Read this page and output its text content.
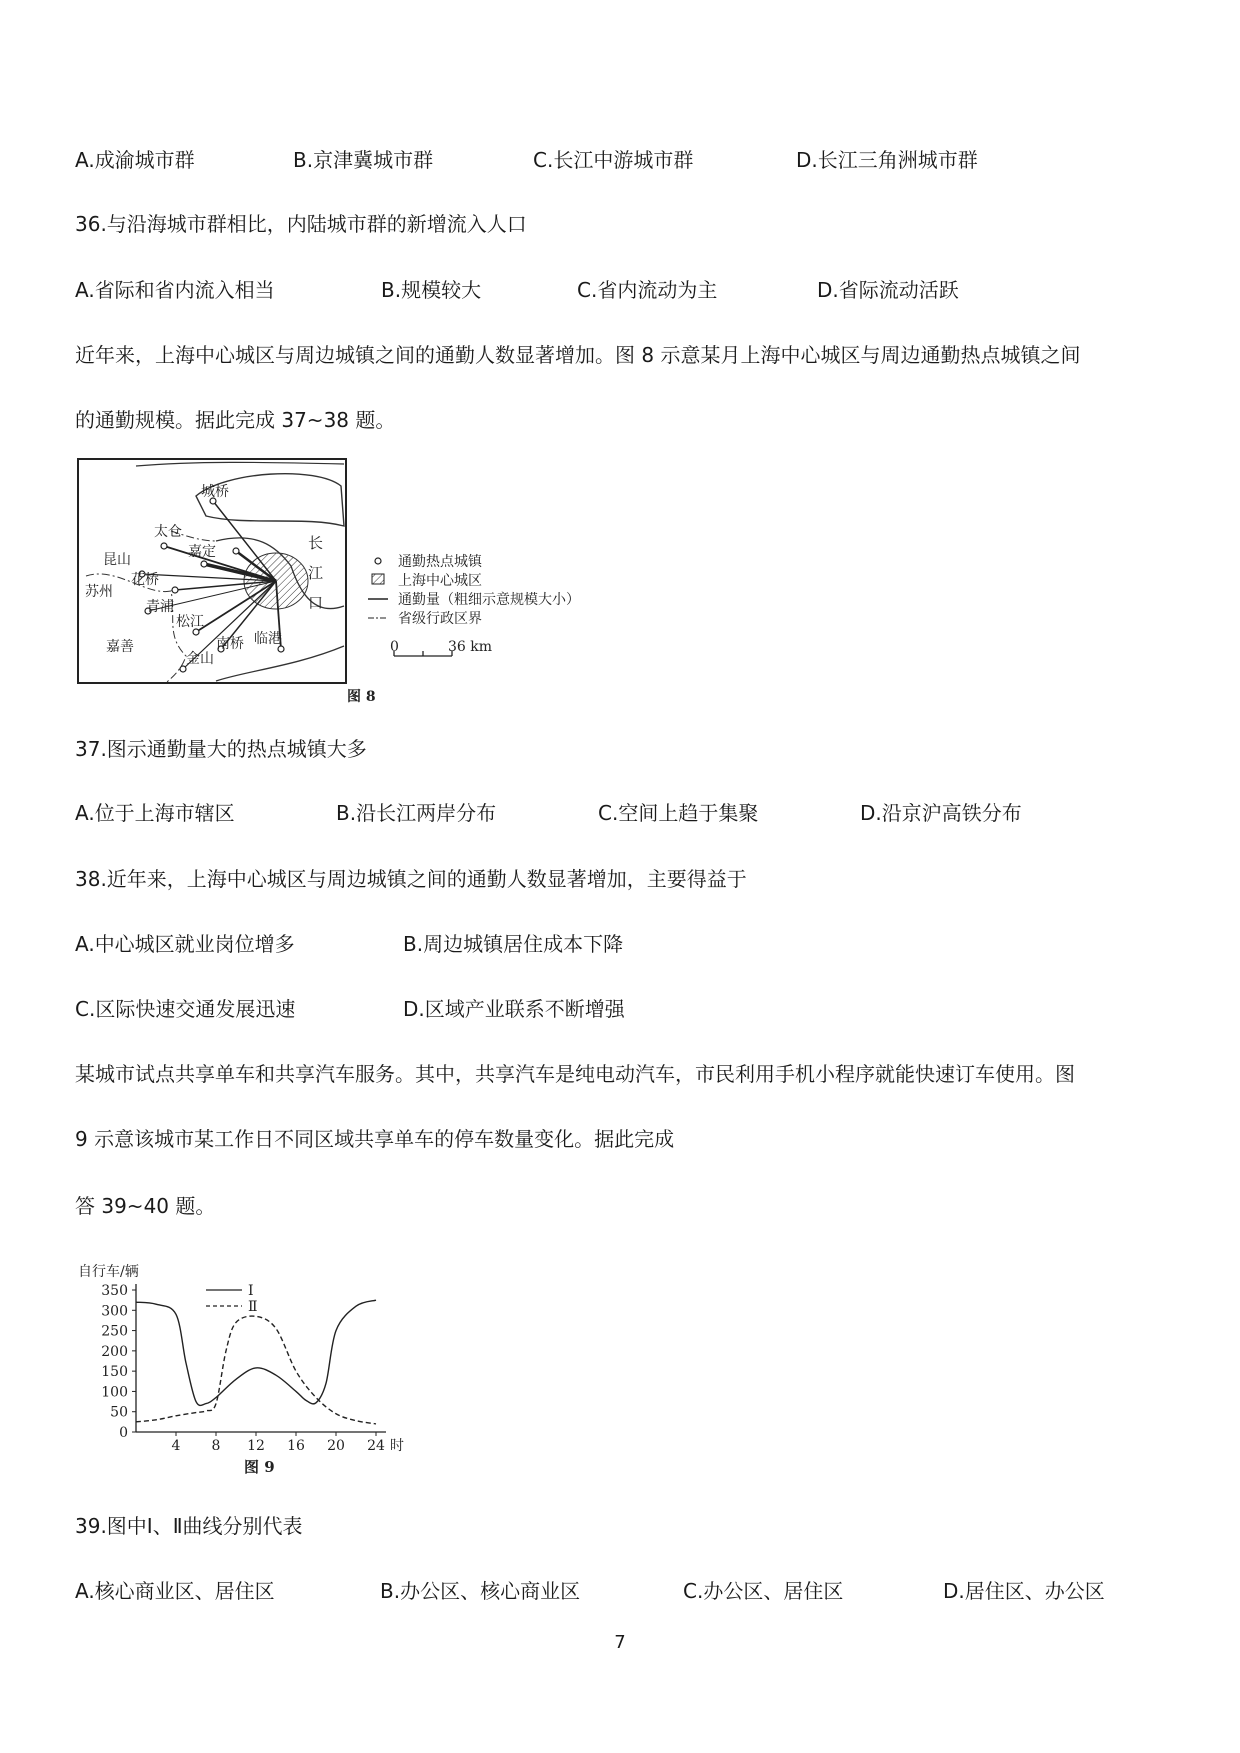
A.成渝城市群	B.京津冀城市群	C.长江中游城市群	D.长江三角洲城市群
36.与沿海城市群相比，内陆城市群的新增流入人口
A.省际和省内流入相当	B.规模较大	C.省内流动为主	D.省际流动活跃
近年来，上海中心城区与周边城镇之间的通勤人数显著增加。图 8 示意某月上海中心城区与周边通勤热点城镇之间
的通勤规模。据此完成 37~38 题。
城桥
太仓
嘉定
昆山
花桥
苏州
青浦
松江
嘉善
金山
南桥 临港
长
江
口
通勤热点城镇
上海中心城区
通勤量（粗细示意规模大小）
省级行政区界
0	36 km
图 8
37.图示通勤量大的热点城镇大多
A.位于上海市辖区	B.沿长江两岸分布	C.空间上趋于集聚	D.沿京沪高铁分布
38.近年来，上海中心城区与周边城镇之间的通勤人数显著增加，主要得益于
A.中心城区就业岗位增多	B.周边城镇居住成本下降
C.区际快速交通发展迅速	D.区域产业联系不断增强
某城市试点共享单车和共享汽车服务。其中，共享汽车是纯电动汽车，市民利用手机小程序就能快速订车使用。图
9 示意该城市某工作日不同区域共享单车的停车数量变化。据此完成
答 39~40 题。
自行车/辆
0
50
100
150
200
250
300
350
4 8 12 16 20 24 时
Ⅰ
Ⅱ
图 9
39.图中Ⅰ、Ⅱ曲线分别代表
A.核心商业区、居住区	B.办公区、核心商业区	C.办公区、居住区	D.居住区、办公区
7
